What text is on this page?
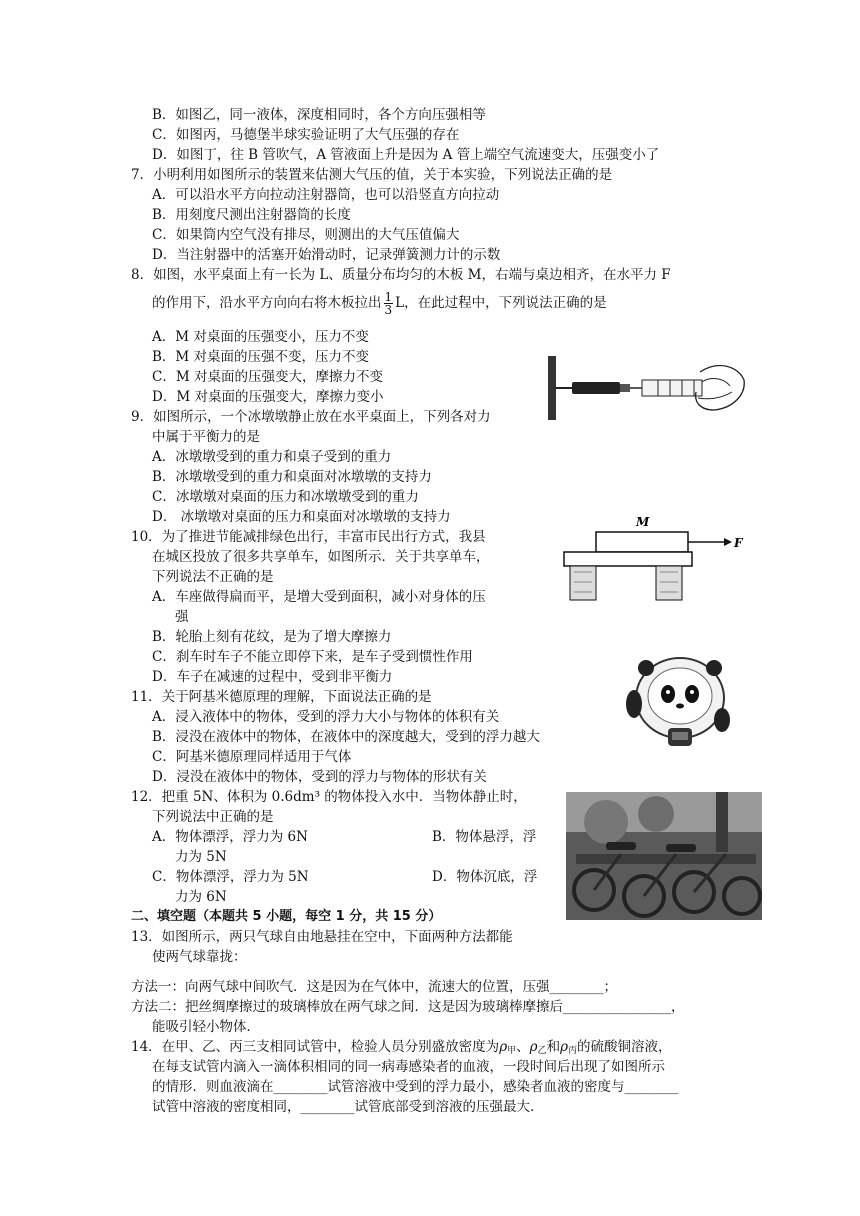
B．如图乙，同一液体，深度相同时，各个方向压强相等
C．如图丙，马德堡半球实验证明了大气压强的存在
D．如图丁，往 B 管吹气，A 管液面上升是因为 A 管上端空气流速变大，压强变小了
7．小明利用如图所示的装置来估测大气压的值，关于本实验，下列说法正确的是
A．可以沿水平方向拉动注射器筒，也可以沿竖直方向拉动
B．用刻度尺测出注射器筒的长度
C．如果筒内空气没有排尽，则测出的大气压值偏大
D．当注射器中的活塞开始滑动时，记录弹簧测力计的示数
8．如图，水平桌面上有一长为 L、质量分布均匀的木板 M，右端与桌边相齐，在水平力 F
的作用下，沿水平方向向右将木板拉出 $\frac{1}{3}$ L，在此过程中，下列说法正确的是
A．M 对桌面的压强变小，压力不变
B．M 对桌面的压强不变，压力不变
C．M 对桌面的压强变大，摩擦力不变
D．M 对桌面的压强变大，摩擦力变小
9．如图所示，一个冰墩墩静止放在水平桌面上，下列各对力
中属于平衡力的是
A．冰墩墩受到的重力和桌子受到的重力
B．冰墩墩受到的重力和桌面对冰墩墩的支持力
C．冰墩墩对桌面的压力和冰墩墩受到的重力
D． 冰墩墩对桌面的压力和桌面对冰墩墩的支持力
10．为了推进节能减排绿色出行，丰富市民出行方式，我县
在城区投放了很多共享单车，如图所示．关于共享单车，
下列说法不正确的是
A．车座做得扁而平，是增大受到面积，减小对身体的压
强
B．轮胎上刻有花纹，是为了增大摩擦力
C．刹车时车子不能立即停下来，是车子受到惯性作用
D．车子在减速的过程中，受到非平衡力
11．关于阿基米德原理的理解，下面说法正确的是
A．浸入液体中的物体，受到的浮力大小与物体的体积有关
B．浸没在液体中的物体，在液体中的深度越大，受到的浮力越大
C．阿基米德原理同样适用于气体
D．浸没在液体中的物体，受到的浮力与物体的形状有关
12．把重 5N、体积为 0.6dm³ 的物体投入水中．当物体静止时，
下列说法中正确的是
A．物体漂浮，浮力为 6N	B．物体悬浮，浮
力为 5N
C．物体漂浮，浮力为 5N	D．物体沉底，浮
力为 6N
二、填空题（本题共 5 小题，每空 1 分，共 15 分）
13．如图所示，两只气球自由地悬挂在空中，下面两种方法都能
使两气球靠拢：
方法一：向两气球中间吹气．这是因为在气体中，流速大的位置，压强________；
方法二：把丝绸摩擦过的玻璃棒放在两气球之间．这是因为玻璃棒摩擦后________________，
能吸引轻小物体．
14．在甲、乙、丙三支相同试管中，检验人员分别盛放密度为$\rho_甲$、$\rho_乙$和$\rho_丙$的硫酸铜溶液，
在每支试管内滴入一滴体积相同的同一病毒感染者的血液，一段时间后出现了如图所示
的情形．则血液滴在________试管溶液中受到的浮力最小，感染者血液的密度与________
试管中溶液的密度相同，________试管底部受到溶液的压强最大．
M
F
